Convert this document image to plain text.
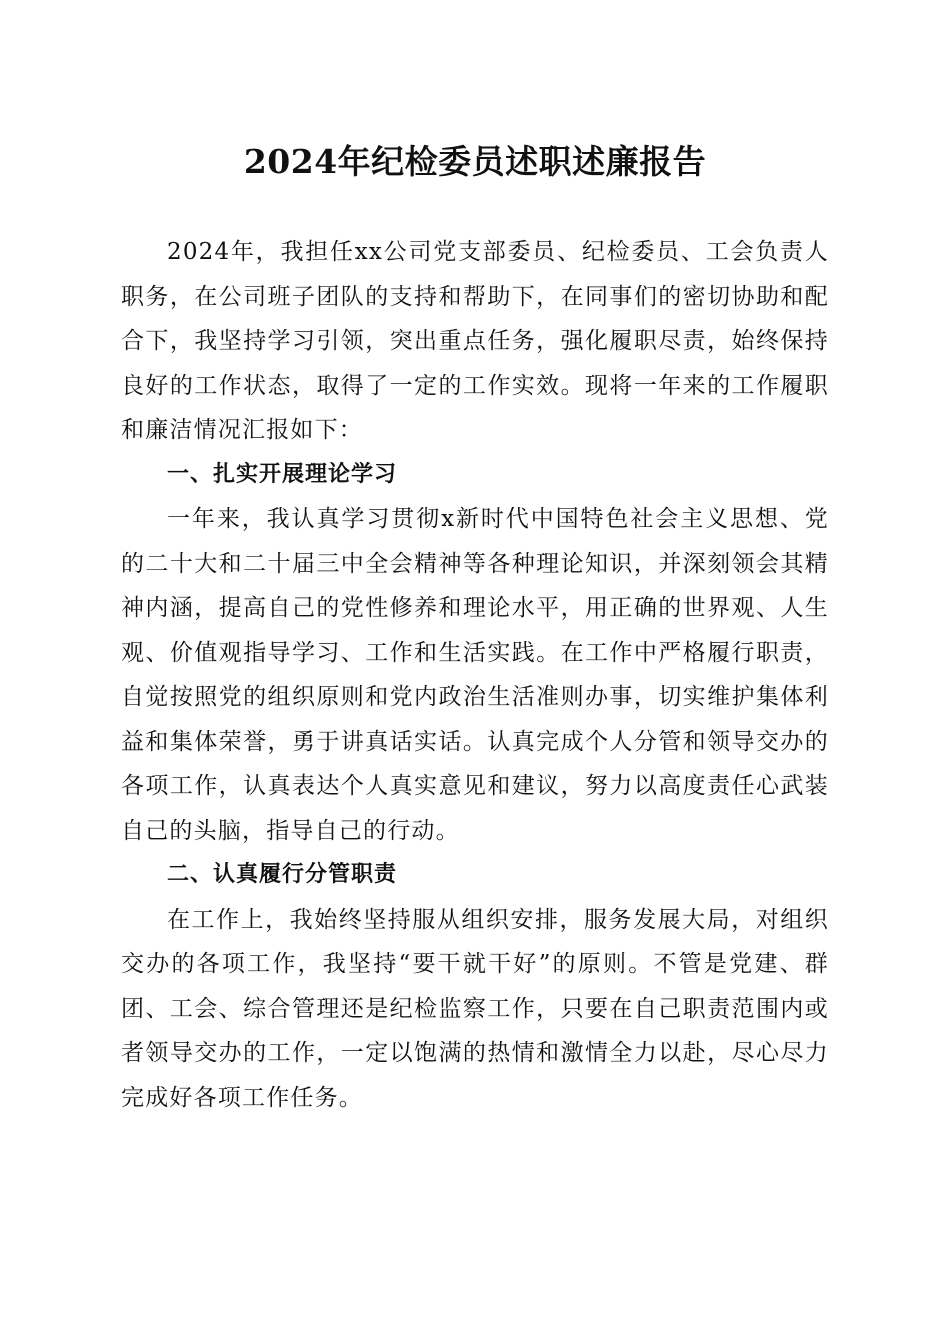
2024年纪检委员述职述廉报告

2024年，我担任xx公司党支部委员、纪检委员、工会负责人职务，在公司班子团队的支持和帮助下，在同事们的密切协助和配合下，我坚持学习引领，突出重点任务，强化履职尽责，始终保持良好的工作状态，取得了一定的工作实效。现将一年来的工作履职和廉洁情况汇报如下：

一、扎实开展理论学习

一年来，我认真学习贯彻x新时代中国特色社会主义思想、党的二十大和二十届三中全会精神等各种理论知识，并深刻领会其精神内涵，提高自己的党性修养和理论水平，用正确的世界观、人生观、价值观指导学习、工作和生活实践。在工作中严格履行职责，自觉按照党的组织原则和党内政治生活准则办事，切实维护集体利益和集体荣誉，勇于讲真话实话。认真完成个人分管和领导交办的各项工作，认真表达个人真实意见和建议，努力以高度责任心武装自己的头脑，指导自己的行动。

二、认真履行分管职责

在工作上，我始终坚持服从组织安排，服务发展大局，对组织交办的各项工作，我坚持“要干就干好”的原则。不管是党建、群团、工会、综合管理还是纪检监察工作，只要在自己职责范围内或者领导交办的工作，一定以饱满的热情和激情全力以赴，尽心尽力完成好各项工作任务。
